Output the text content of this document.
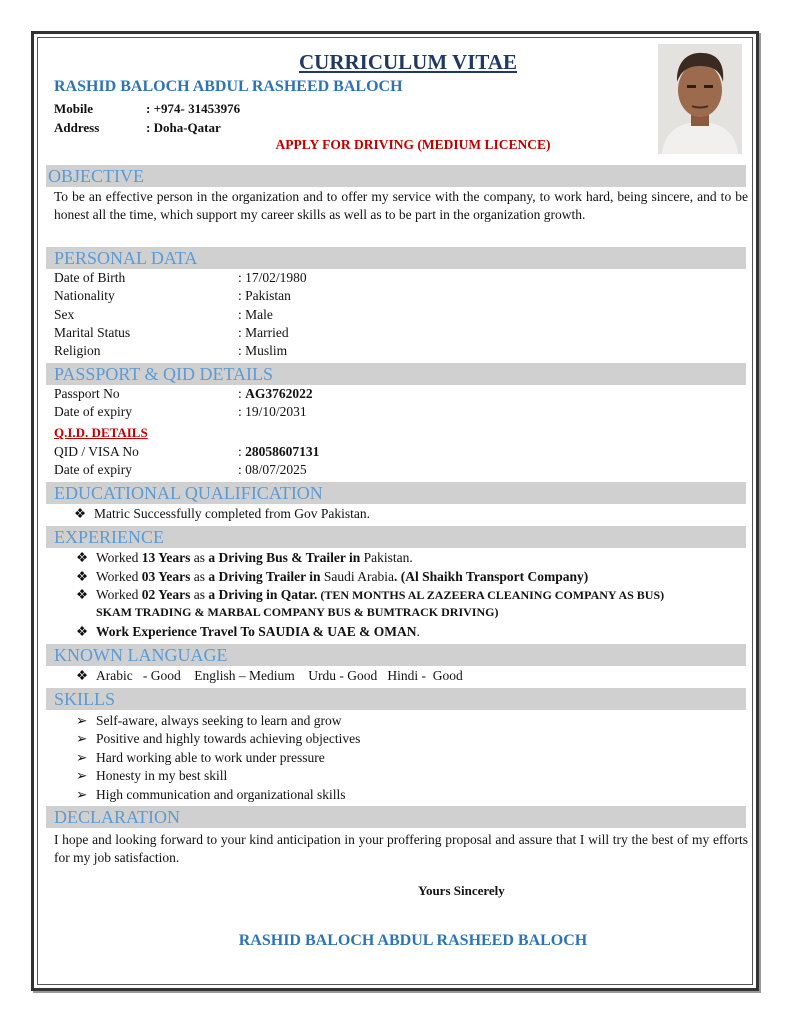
CURRICULUM VITAE
RASHID BALOCH ABDUL RASHEED BALOCH
Mobile	: +974- 31453976
Address	: Doha-Qatar
APPLY FOR DRIVING (MEDIUM LICENCE)
OBJECTIVE
To be an effective person in the organization and to offer my service with the company, to work hard, being sincere, and to be honest all the time, which support my career skills as well as to be part in the organization growth.
PERSONAL DATA
Date of Birth	: 17/02/1980
Nationality	: Pakistan
Sex	: Male
Marital Status	: Married
Religion	: Muslim
PASSPORT & QID DETAILS
Passport No	: AG3762022
Date of expiry	: 19/10/2031
Q.I.D. DETAILS
QID / VISA No	: 28058607131
Date of expiry	: 08/07/2025
EDUCATIONAL QUALIFICATION
❖ Matric Successfully completed from Gov Pakistan.
EXPERIENCE
❖ Worked 13 Years as a Driving Bus & Trailer in Pakistan.
❖ Worked 03 Years as a Driving Trailer in Saudi Arabia. (Al Shaikh Transport Company)
❖ Worked 02 Years as a Driving in Qatar. (TEN MONTHS AL ZAZEERA CLEANING COMPANY AS BUS)
SKAM TRADING & MARBAL COMPANY BUS & BUMTRACK DRIVING)
❖ Work Experience Travel To SAUDIA & UAE & OMAN.
KNOWN LANGUAGE
❖ Arabic   - Good    English – Medium    Urdu - Good   Hindi -  Good
SKILLS
➢ Self-aware, always seeking to learn and grow
➢ Positive and highly towards achieving objectives
➢ Hard working able to work under pressure
➢ Honesty in my best skill
➢ High communication and organizational skills
DECLARATION
I hope and looking forward to your kind anticipation in your proffering proposal and assure that I will try the best of my efforts for my job satisfaction.
Yours Sincerely
RASHID BALOCH ABDUL RASHEED BALOCH
